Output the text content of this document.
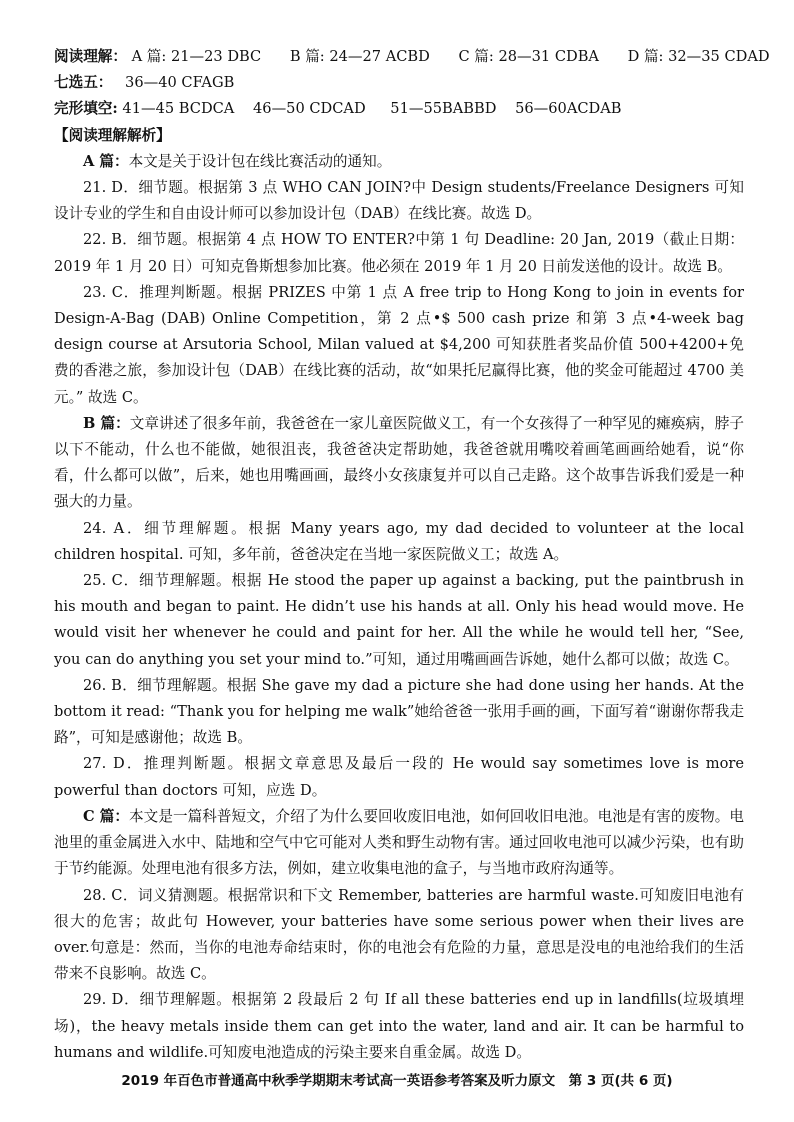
阅读理解： A 篇: 21—23 DBC B 篇: 24—27 ACBD C 篇: 28—31 CDBA D 篇: 32—35 CDAD
七选五： 36—40 CFAGB
完形填空: 41—45 BCDCA 46—50 CDCAD 51—55BABBD 56—60ACDAB
【阅读理解解析】

A 篇：本文是关于设计包在线比赛活动的通知。

21. D．细节题。根据第 3 点 WHO CAN JOIN?中 Design students/Freelance Designers 可知设计专业的学生和自由设计师可以参加设计包（DAB）在线比赛。故选 D。

22. B．细节题。根据第 4 点 HOW TO ENTER?中第 1 句 Deadline: 20 Jan, 2019（截止日期：2019 年 1 月 20 日）可知克鲁斯想参加比赛。他必须在 2019 年 1 月 20 日前发送他的设计。故选 B。

23. C．推理判断题。根据 PRIZES 中第 1 点 A free trip to Hong Kong to join in events for Design-A-Bag (DAB) Online Competition，第 2 点•$ 500 cash prize 和第 3 点•4-week bag design course at Arsutoria School, Milan valued at $4,200 可知获胜者奖品价值 500+4200+免费的香港之旅，参加设计包（DAB）在线比赛的活动，故“如果托尼赢得比赛，他的奖金可能超过 4700 美元。” 故选 C。

B 篇：文章讲述了很多年前，我爸爸在一家儿童医院做义工，有一个女孩得了一种罕见的瘫痪病，脖子以下不能动，什么也不能做，她很沮丧，我爸爸决定帮助她，我爸爸就用嘴咬着画笔画画给她看，说“你看，什么都可以做”，后来，她也用嘴画画，最终小女孩康复并可以自己走路。这个故事告诉我们爱是一种强大的力量。

24. A．细节理解题。根据 Many years ago, my dad decided to volunteer at the local children hospital. 可知，多年前，爸爸决定在当地一家医院做义工；故选 A。

25. C．细节理解题。根据 He stood the paper up against a backing, put the paintbrush in his mouth and began to paint. He didn’t use his hands at all. Only his head would move. He would visit her whenever he could and paint for her. All the while he would tell her, “See, you can do anything you set your mind to.”可知，通过用嘴画画告诉她，她什么都可以做；故选 C。

26. B．细节理解题。根据 She gave my dad a picture she had done using her hands. At the bottom it read: “Thank you for helping me walk”她给爸爸一张用手画的画，下面写着“谢谢你帮我走路”，可知是感谢他；故选 B。

27. D．推理判断题。根据文章意思及最后一段的 He would say sometimes love is more powerful than doctors 可知，应选 D。

C 篇：本文是一篇科普短文，介绍了为什么要回收废旧电池，如何回收旧电池。电池是有害的废物。电池里的重金属进入水中、陆地和空气中它可能对人类和野生动物有害。通过回收电池可以减少污染，也有助于节约能源。处理电池有很多方法，例如，建立收集电池的盒子，与当地市政府沟通等。

28. C．词义猜测题。根据常识和下文 Remember, batteries are harmful waste.可知废旧电池有很大的危害；故此句 However, your batteries have some serious power when their lives are over.句意是：然而，当你的电池寿命结束时，你的电池会有危险的力量，意思是没电的电池给我们的生活带来不良影响。故选 C。

29. D．细节理解题。根据第 2 段最后 2 句 If all these batteries end up in landfills(垃圾填埋场)，the heavy metals inside them can get into the water, land and air. It can be harmful to humans and wildlife.可知废电池造成的污染主要来自重金属。故选 D。

2019 年百色市普通高中秋季学期期末考试高一英语参考答案及听力原文　第 3 页(共 6 页)
